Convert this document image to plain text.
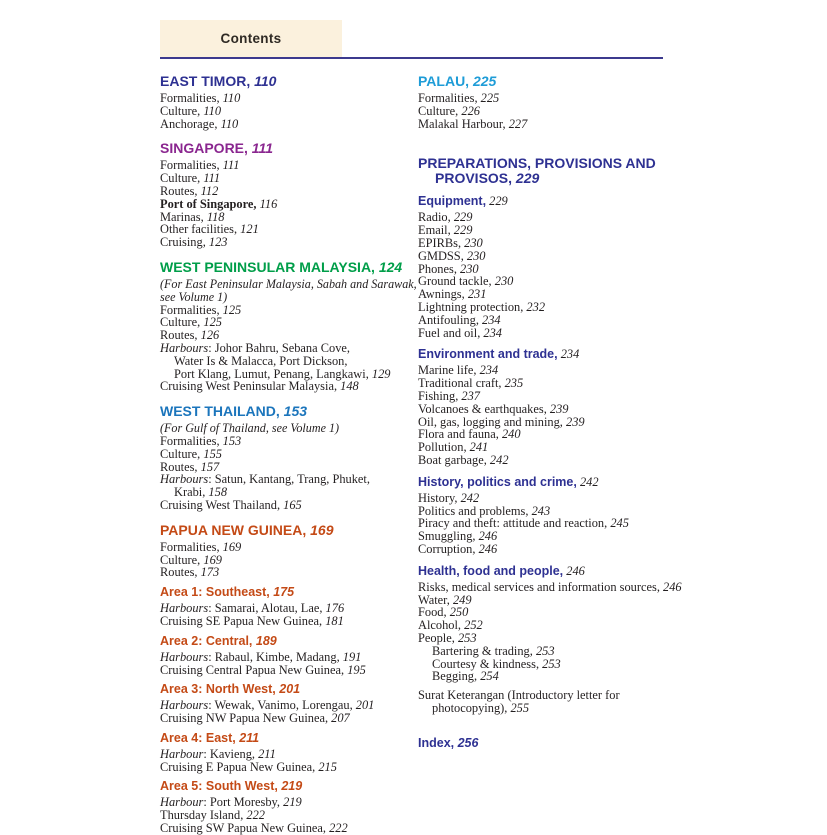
Contents
EAST TIMOR, 110
Formalities, 110
Culture, 110
Anchorage, 110
SINGAPORE, 111
Formalities, 111
Culture, 111
Routes, 112
Port of Singapore, 116
Marinas, 118
Other facilities, 121
Cruising, 123
WEST PENINSULAR MALAYSIA, 124
(For East Peninsular Malaysia, Sabah and Sarawak,
see Volume 1)
Formalities, 125
Culture, 125
Routes, 126
Harbours: Johor Bahru, Sebana Cove,
Water Is & Malacca, Port Dickson,
Port Klang, Lumut, Penang, Langkawi, 129
Cruising West Peninsular Malaysia, 148
WEST THAILAND, 153
(For Gulf of Thailand, see Volume 1)
Formalities, 153
Culture, 155
Routes, 157
Harbours: Satun, Kantang, Trang, Phuket,
Krabi, 158
Cruising West Thailand, 165
PAPUA NEW GUINEA, 169
Formalities, 169
Culture, 169
Routes, 173
Area 1: Southeast, 175
Harbours: Samarai, Alotau, Lae, 176
Cruising SE Papua New Guinea, 181
Area 2: Central, 189
Harbours: Rabaul, Kimbe, Madang, 191
Cruising Central Papua New Guinea, 195
Area 3: North West, 201
Harbours: Wewak, Vanimo, Lorengau, 201
Cruising NW Papua New Guinea, 207
Area 4: East, 211
Harbour: Kavieng, 211
Cruising E Papua New Guinea, 215
Area 5: South West, 219
Harbour: Port Moresby, 219
Thursday Island, 222
Cruising SW Papua New Guinea, 222
PALAU, 225
Formalities, 225
Culture, 226
Malakal Harbour, 227
PREPARATIONS, PROVISIONS AND PROVISOS, 229
Equipment, 229
Radio, 229
Email, 229
EPIRBs, 230
GMDSS, 230
Phones, 230
Ground tackle, 230
Awnings, 231
Lightning protection, 232
Antifouling, 234
Fuel and oil, 234
Environment and trade, 234
Marine life, 234
Traditional craft, 235
Fishing, 237
Volcanoes & earthquakes, 239
Oil, gas, logging and mining, 239
Flora and fauna, 240
Pollution, 241
Boat garbage, 242
History, politics and crime, 242
History, 242
Politics and problems, 243
Piracy and theft: attitude and reaction, 245
Smuggling, 246
Corruption, 246
Health, food and people, 246
Risks, medical services and information sources, 246
Water, 249
Food, 250
Alcohol, 252
People, 253
Bartering & trading, 253
Courtesy & kindness, 253
Begging, 254
Surat Keterangan (Introductory letter for
photocopying), 255
Index, 256
